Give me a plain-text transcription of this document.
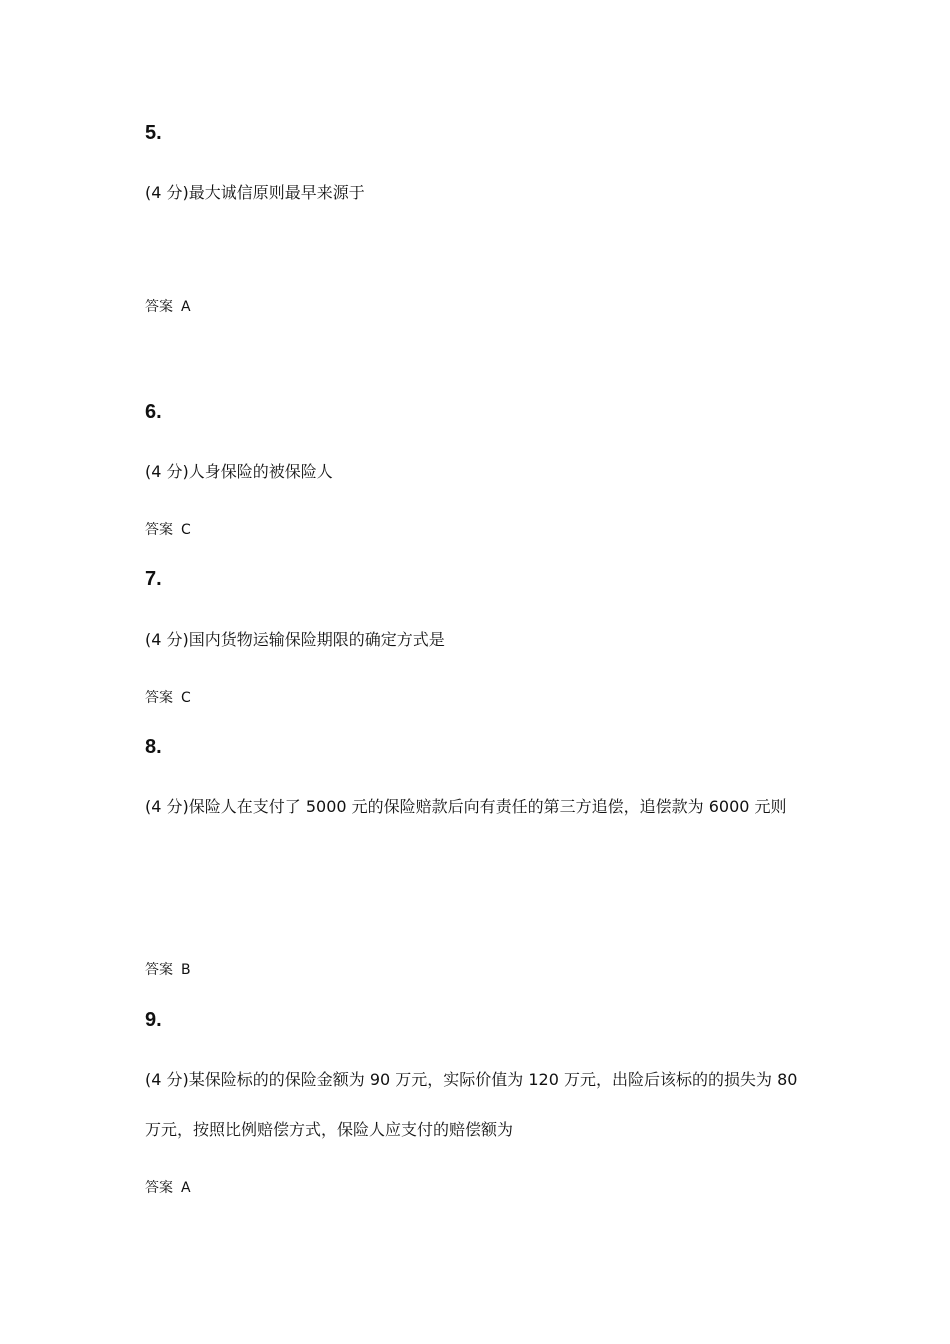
5.
(4 分)最大诚信原则最早来源于
答案 A
6.
(4 分)人身保险的被保险人
答案 C
7.
(4 分)国内货物运输保险期限的确定方式是
答案 C
8.
(4 分)保险人在支付了 5000 元的保险赔款后向有责任的第三方追偿，追偿款为 6000 元则
答案 B
9.
(4 分)某保险标的的保险金额为 90 万元，实际价值为 120 万元，出险后该标的的损失为 80 万元，按照比例赔偿方式，保险人应支付的赔偿额为
答案 A
